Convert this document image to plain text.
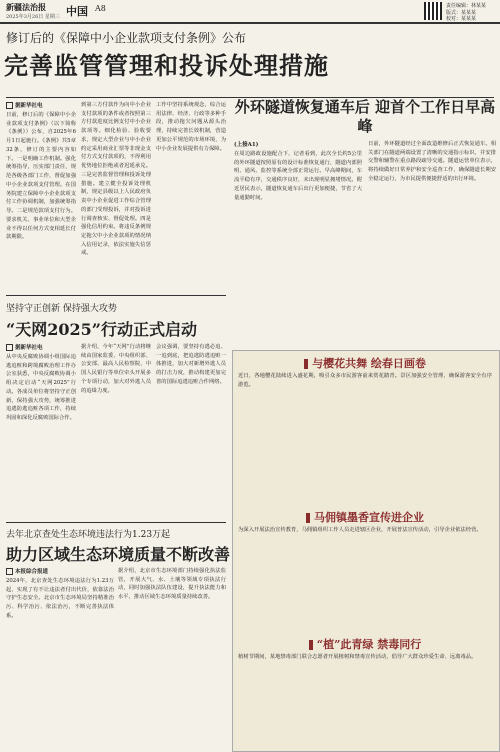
新疆法治报
2025年3月26日 星期三 中国 A8	责任编辑：林某某
版式：某某某
校对：某某某
修订后的《保障中小企业款项支付条例》公布
完善监管管理和投诉处理措施
据新华社电
日前，修订后的《保障中小企业款项支付条例》（以下简称《条例》）公布，自2025年6月1日起施行。《条例》共5章32条，修订的主要内容如下。一是明确工作机制。强化统筹指导，压实部门责任，规范各级各部门工作，督促加强中小企业款项支付管理。在国务院建立保障中小企业款项支付工作协调机制，加强统筹指导。二是规范款项支付行为。要求机关、事业单位和大型企业不得以任何方式变相延长付款期限。
到第三方付款作为向中小企业支付款项的条件或者按照第三方付款进度比例支付中小企业款项等。细化检验、验收要求，规定大型企业与中小企业约定采用商业汇票等非现金支付方式支付款项的，不得利用优势地位拒绝或者迟延承兑。三是完善监督管理和投诉处理措施。建立健全投诉处理机制，规定县级以上人民政府负责中小企业促进工作综合管理的部门受理投诉，并对投诉进行调查核实、督促处理。四是强化信用约束。将违反条例规定拖欠中小企业款项的情况纳入信用记录，依法实施失信惩戒。
工作中坚持系统观念，综合运用法律、经济、行政等多种手段，推动拖欠问题从源头治理，持续完善长效机制，营造更加公平规范的市场环境，为中小企业发展提供有力保障。
外环隧道恢复通车后 迎首个工作日早高峰
(上接A1)
在周边路政设施配合下，记者看到，此次全长约5公里的外环隧道按照原有的设计标准恢复通行，隧道内部照明、通风、监控等系统全部正常运行。早高峰期间，车流平稳有序，交通秩序良好，未出现明显拥堵情况。附近居民表示，隧道恢复通车后出行更加便捷，节省了大量通勤时间。
日前，外环隧道经过全面改造维修后正式恢复通车。相关部门在隧道两端设置了清晰的交通指示标识，并安排交警和辅警在重点路段疏导交通。隧道运营单位表示，将持续做好日常养护和安全巡查工作，确保隧道长期安全稳定运行，为市民提供便捷舒适的出行环境。
坚持守正创新 保持强大攻势
“天网2025”行动正式启动
据新华社电
从中央反腐败协调小组国际追逃追赃和跨境腐败治理工作办公室获悉，中央反腐败协调小组决定启动“天网2025”行动。各成员单位将坚持守正创新，保持强大攻势，统筹推进追逃防逃追赃各项工作，持续巩固和深化反腐败国际合作。
据介绍，今年“天网”行动将继续由国家监委、中央组织部、公安部、最高人民检察院、中国人民银行等单位牵头开展多个专项行动，加大对外逃人员的追缉力度。
会议强调，要坚持有逃必追、一追到底，把追逃防逃追赃一体推进，加大对新增外逃人员的打击力度，推动构建更加完善的国际追逃追赃合作网络。
去年北京查处生态环境违法行为1.23万起
助力区域生态环境质量不断改善
本报综合报道
2024年，北京查处生态环境违法行为1.23万起，实现了有不让违法者付出代价，依靠法治守护生态安全。北京市生态环境局坚持精准治污、科学治污、依法治污，不断完善执法体系。
据介绍，北京市生态环境部门持续强化执法监管，开展大气、水、土壤等领域专项执法行动，同时加强执法队伍建设，提升执法能力和水平，推动区域生态环境质量持续改善。
与樱花共舞 绘春日画卷
近日，各地樱花陆续进入盛花期，吸引众多市民游客前来赏花踏青。景区加强安全管理，确保游客安全有序游览。
马佣镇墨香宣传进企业
为深入开展法治宣传教育，马佣镇组织工作人员走进辖区企业，开展普法宣传活动，引导企业依法经营。
“植”此青绿 禁毒同行
植树节期间，某地禁毒部门联合志愿者开展植树和禁毒宣传活动，倡导广大群众珍爱生命、远离毒品。
